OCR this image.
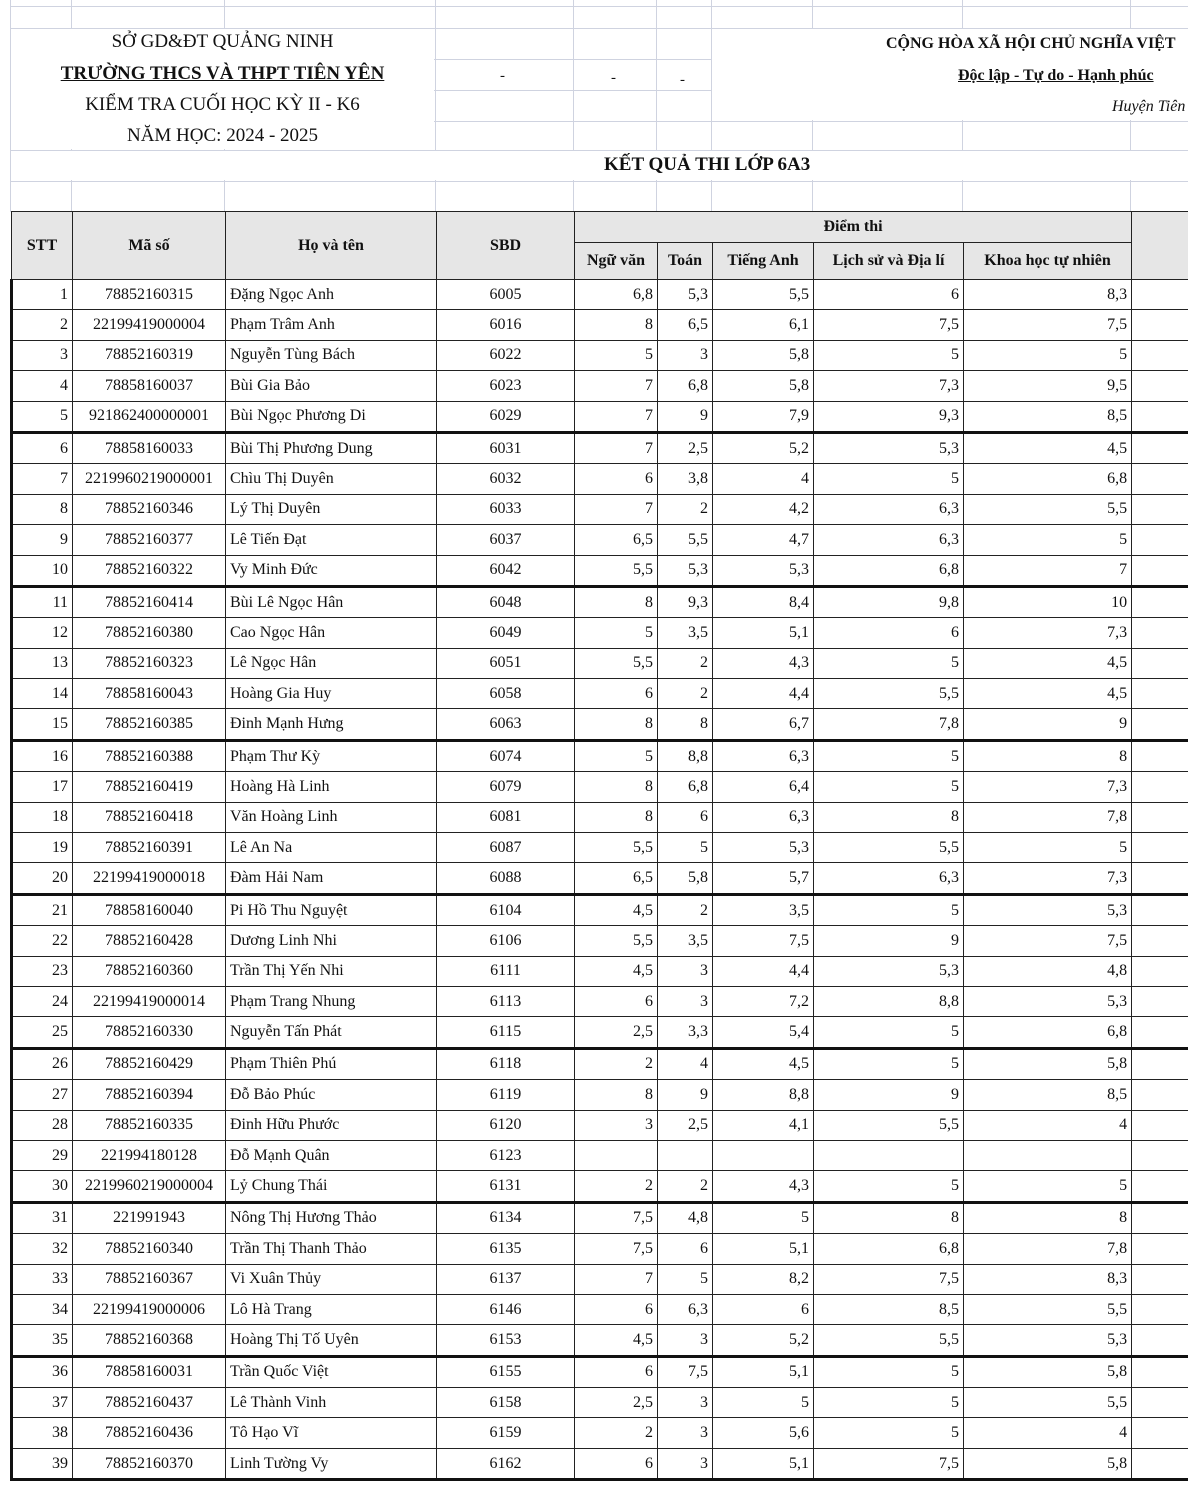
SỞ GD&ĐT QUẢNG NINH
TRƯỜNG THCS VÀ THPT TIÊN YÊN
KIỂM TRA CUỐI HỌC KỲ II - K6
NĂM HỌC: 2024 - 2025
-	-	-
CỘNG HÒA XÃ HỘI CHỦ NGHĨA VIỆT
Độc lập - Tự do - Hạnh phúc
Huyện Tiên
KẾT QUẢ THI LỚP 6A3
STT	Mã số	Họ và tên	SBD	Điểm thi					
				Ngữ văn	Toán	Tiếng Anh	Lịch sử và Địa lí	Khoa học tự nhiên	
1	78852160315	Đặng Ngọc Anh	6005	6,8	5,3	5,5	6	8,3	
2	22199419000004	Phạm Trâm Anh	6016	8	6,5	6,1	7,5	7,5	
3	78852160319	Nguyễn Tùng Bách	6022	5	3	5,8	5	5	
4	78858160037	Bùi Gia Bảo	6023	7	6,8	5,8	7,3	9,5	
5	921862400000001	Bùi Ngọc Phương Di	6029	7	9	7,9	9,3	8,5	
6	78858160033	Bùi Thị Phương Dung	6031	7	2,5	5,2	5,3	4,5	
7	2219960219000001	Chìu Thị Duyên	6032	6	3,8	4	5	6,8	
8	78852160346	Lý Thị Duyên	6033	7	2	4,2	6,3	5,5	
9	78852160377	Lê Tiến Đạt	6037	6,5	5,5	4,7	6,3	5	
10	78852160322	Vy Minh Đức	6042	5,5	5,3	5,3	6,8	7	
11	78852160414	Bùi Lê Ngọc Hân	6048	8	9,3	8,4	9,8	10	
12	78852160380	Cao Ngọc Hân	6049	5	3,5	5,1	6	7,3	
13	78852160323	Lê Ngọc Hân	6051	5,5	2	4,3	5	4,5	
14	78858160043	Hoàng Gia Huy	6058	6	2	4,4	5,5	4,5	
15	78852160385	Đinh Mạnh Hưng	6063	8	8	6,7	7,8	9	
16	78852160388	Phạm Thư Kỳ	6074	5	8,8	6,3	5	8	
17	78852160419	Hoàng Hà Linh	6079	8	6,8	6,4	5	7,3	
18	78852160418	Văn Hoàng Linh	6081	8	6	6,3	8	7,8	
19	78852160391	Lê An Na	6087	5,5	5	5,3	5,5	5	
20	22199419000018	Đàm Hải Nam	6088	6,5	5,8	5,7	6,3	7,3	
21	78858160040	Pi Hồ Thu Nguyệt	6104	4,5	2	3,5	5	5,3	
22	78852160428	Dương Linh Nhi	6106	5,5	3,5	7,5	9	7,5	
23	78852160360	Trần Thị Yến Nhi	6111	4,5	3	4,4	5,3	4,8	
24	22199419000014	Phạm Trang Nhung	6113	6	3	7,2	8,8	5,3	
25	78852160330	Nguyễn Tấn Phát	6115	2,5	3,3	5,4	5	6,8	
26	78852160429	Phạm Thiên Phú	6118	2	4	4,5	5	5,8	
27	78852160394	Đỗ Bảo Phúc	6119	8	9	8,8	9	8,5	
28	78852160335	Đinh Hữu Phước	6120	3	2,5	4,1	5,5	4	
29	221994180128	Đỗ Mạnh Quân	6123						
30	2219960219000004	Lỷ Chung Thái	6131	2	2	4,3	5	5	
31	221991943	Nông Thị Hương Thảo	6134	7,5	4,8	5	8	8	
32	78852160340	Trần Thị Thanh Thảo	6135	7,5	6	5,1	6,8	7,8	
33	78852160367	Vi Xuân Thủy	6137	7	5	8,2	7,5	8,3	
34	22199419000006	Lô Hà Trang	6146	6	6,3	6	8,5	5,5	
35	78852160368	Hoàng Thị Tố Uyên	6153	4,5	3	5,2	5,5	5,3	
36	78858160031	Trần Quốc Việt	6155	6	7,5	5,1	5	5,8	
37	78852160437	Lê Thành Vinh	6158	2,5	3	5	5	5,5	
38	78852160436	Tô Hạo Vĩ	6159	2	3	5,6	5	4	
39	78852160370	Linh Tường Vy	6162	6	3	5,1	7,5	5,8	
